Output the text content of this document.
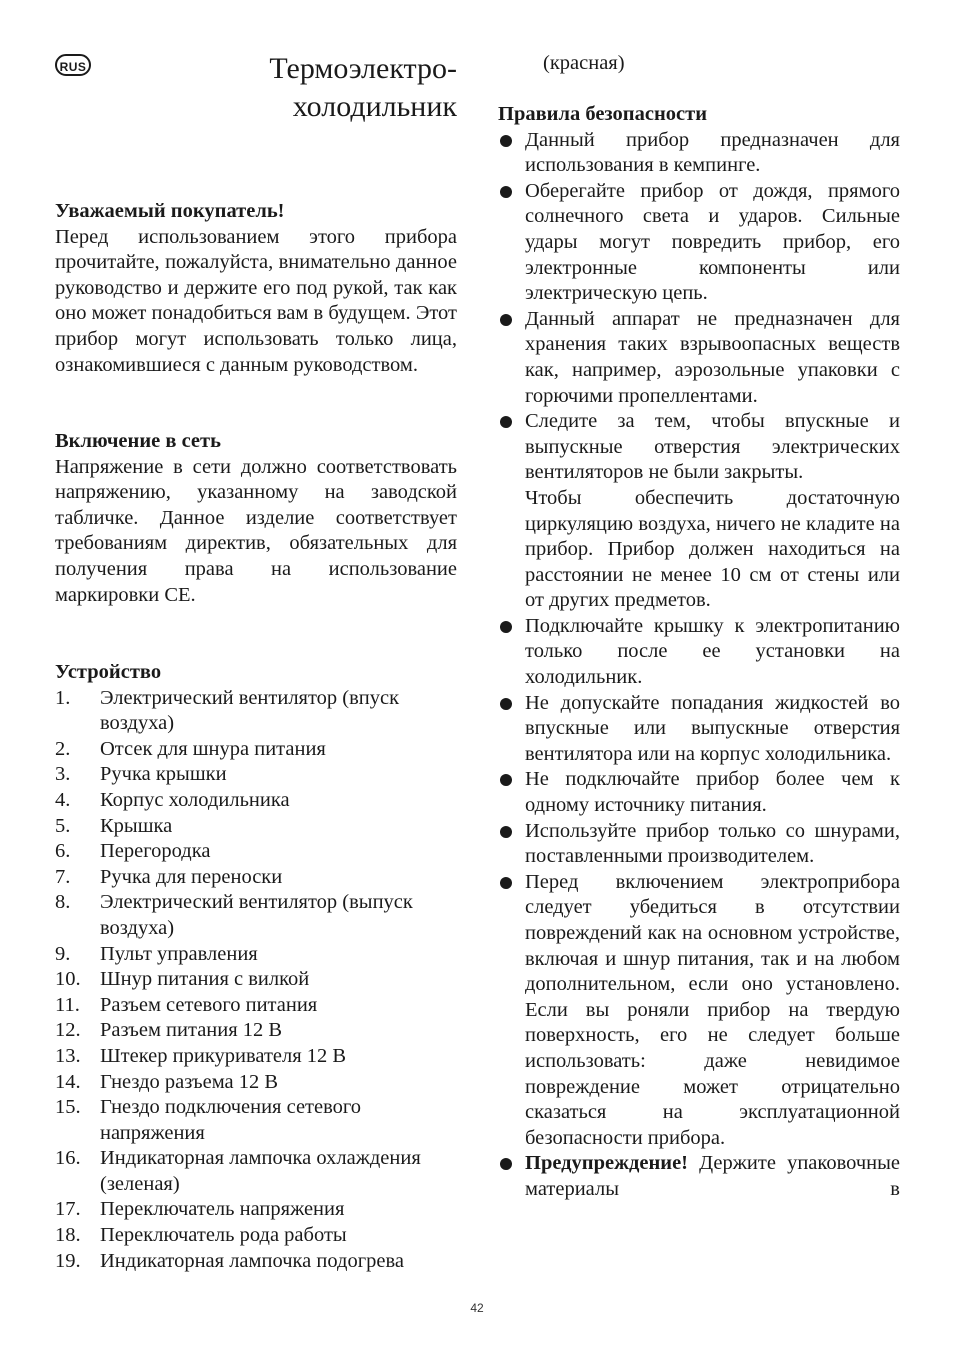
RUS	Термоэлектро-
холодильник

Уважаемый покупатель!

Перед использованием этого прибора прочитайте, пожалуйста, внимательно данное руководство и держите его под рукой, так как оно может понадобиться вам в будущем. Этот прибор могут использовать только лица, ознакомившиеся с данным руководством.

Включение в сеть

Напряжение в сети должно соответствовать напряжению, указанному на заводской табличке. Данное изделие соответствует требованиям директив, обязательных для получения права на использование маркировки CE.

Устройство

1. Электрический вентилятор (впуск воздуха)
2. Отсек для шнура питания
3. Ручка крышки
4. Корпус холодильника
5. Крышка
6. Перегородка
7. Ручка для переноски
8. Электрический вентилятор (выпуск воздуха)
9. Пульт управления
10. Шнур питания с вилкой
11. Разъем сетевого питания
12. Разъем питания 12 В
13. Штекер прикуривателя 12 В
14. Гнездо разъема 12 В
15. Гнездо подключения сетевого напряжения
16. Индикаторная лампочка охлаждения (зеленая)
17. Переключатель напряжения
18. Переключатель рода работы
19. Индикаторная лампочка подогрева
(красная)

Правила безопасности

Данный прибор предназначен для использования в кемпинге.
Оберегайте прибор от дождя, прямого солнечного света и ударов. Сильные удары могут повредить прибор, его электронные компоненты или электрическую цепь.
Данный аппарат не предназначен для хранения таких взрывоопасных веществ как, например, аэрозольные упаковки с горючими пропеллентами.
Следите за тем, чтобы впускные и выпускные отверстия электрических вентиляторов не были закрыты.
Чтобы обеспечить достаточную циркуляцию воздуха, ничего не кладите на прибор. Прибор должен находиться на расстоянии не менее 10 см от стены или от других предметов.
Подключайте крышку к электропитанию только после ее установки на холодильник.
Не допускайте попадания жидкостей во впускные или выпускные отверстия вентилятора или на корпус холодильника.
Не подключайте прибор более чем к одному источнику питания.
Используйте прибор только со шнурами, поставленными производителем.
Перед включением электроприбора следует убедиться в отсутствии повреждений как на основном устройстве, включая и шнур питания, так и на любом дополнительном, если оно установлено. Если вы роняли прибор на твердую поверхность, его не следует больше использовать: даже невидимое повреждение может отрицательно сказаться на эксплуатационной безопасности прибора.
Предупреждение! Держите упаковочные материалы в
42
